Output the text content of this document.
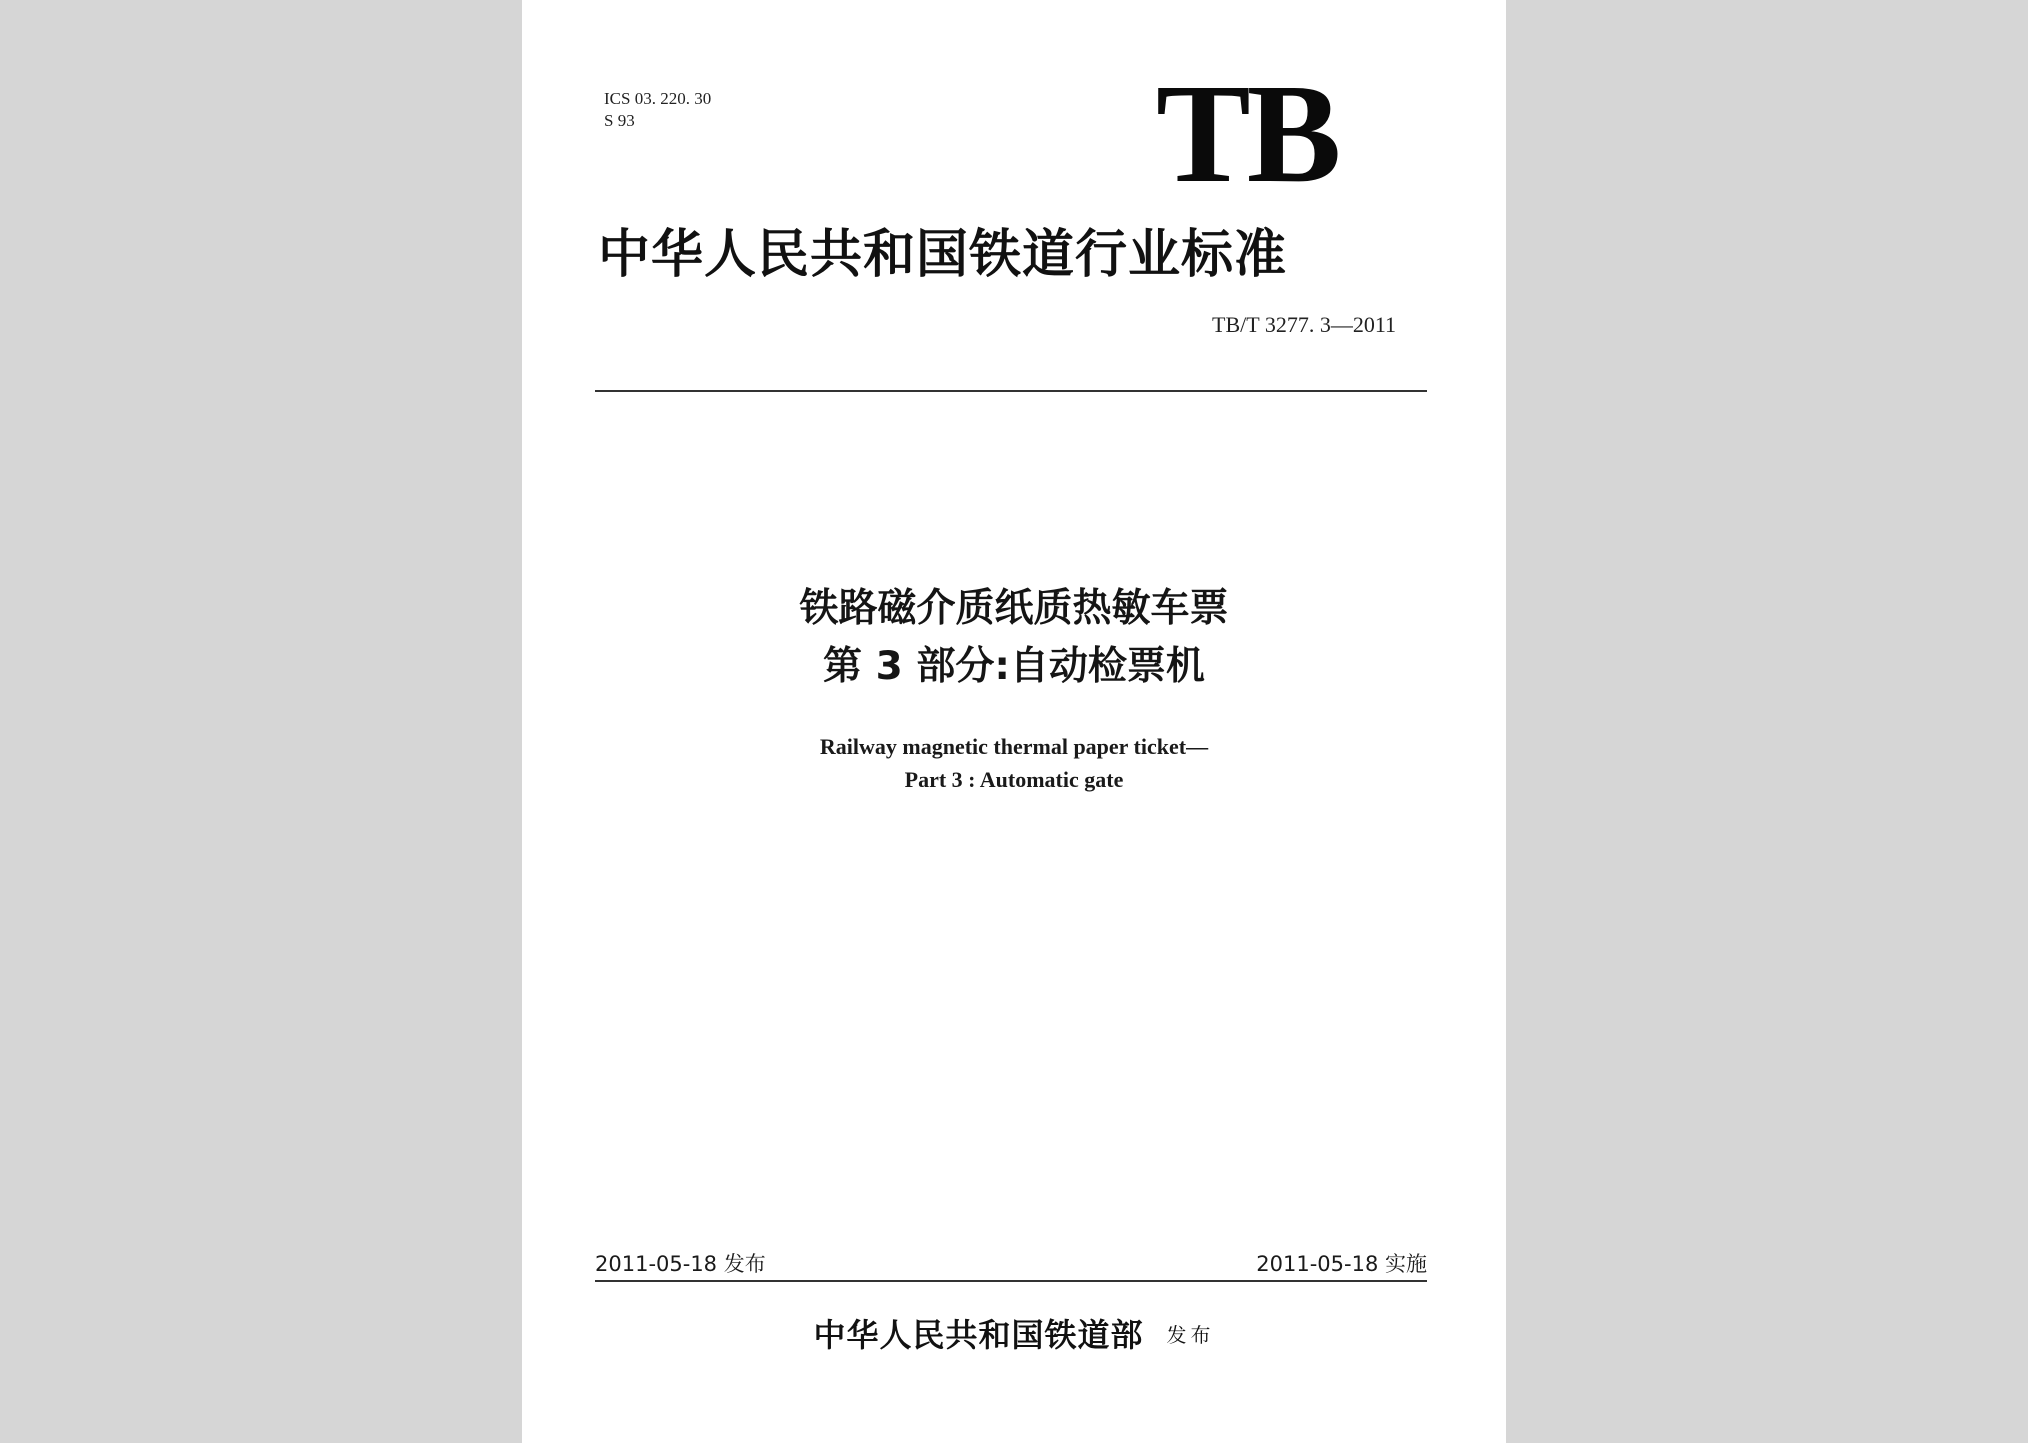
ICS 03. 220. 30
S 93	TB
中华人民共和国铁道行业标准
TB/T 3277. 3—2011
铁路磁介质纸质热敏车票
第 3 部分:自动检票机
Railway magnetic thermal paper ticket—
Part 3 : Automatic gate
2011-05-18 发布	2011-05-18 实施
中华人民共和国铁道部 发布
